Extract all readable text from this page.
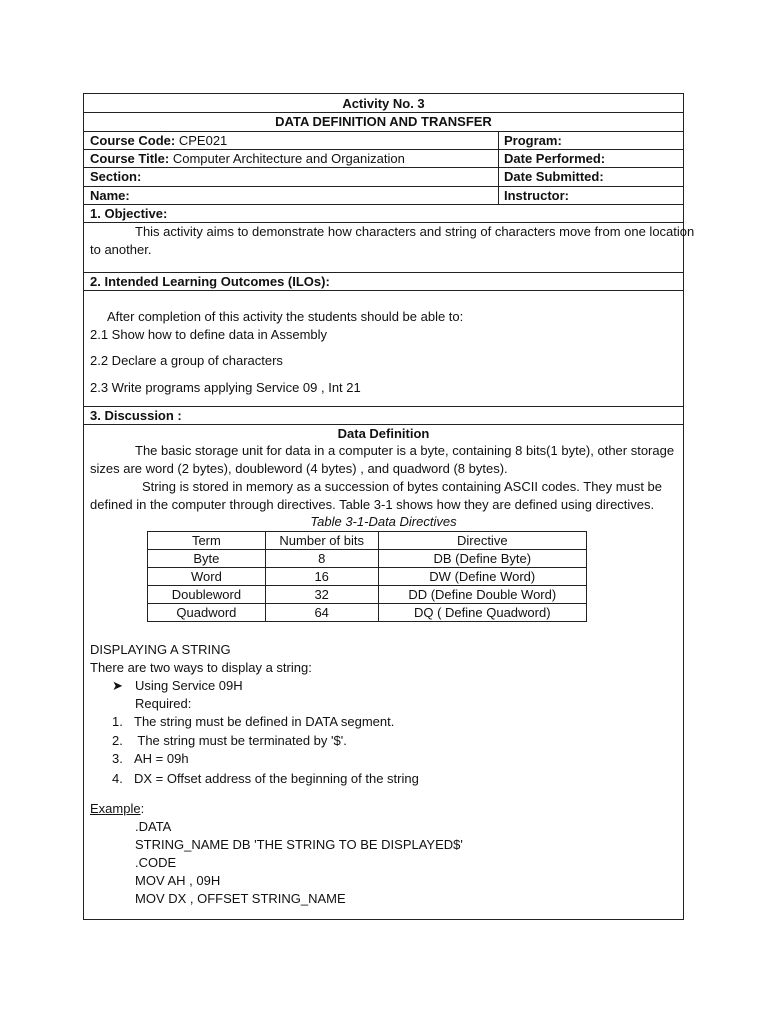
Activity No. 3
DATA DEFINITION AND TRANSFER
Course Code: CPE021	Program:
Course Title: Computer Architecture and Organization	Date Performed:
Section:	Date Submitted:
Name:	Instructor:
1. Objective:
This activity aims to demonstrate how characters and string of characters move from one location
to another.
2. Intended Learning Outcomes (ILOs):
After completion of this activity the students should be able to:
2.1 Show how to define data in Assembly
2.2 Declare a group of characters
2.3 Write programs applying Service 09 , Int 21
3. Discussion :
Data Definition
The basic storage unit for data in a computer is a byte, containing 8 bits(1 byte), other storage
sizes are word (2 bytes), doubleword (4 bytes) , and quadword (8 bytes).
String is stored in memory as a succession of bytes containing ASCII codes. They must be
defined in the computer through directives. Table 3-1 shows how they are defined using directives.
Table 3-1-Data Directives
Term	Number of bits	Directive
Byte	8	DB (Define Byte)
Word	16	DW (Define Word)
Doubleword	32	DD (Define Double Word)
Quadword	64	DQ ( Define Quadword)
DISPLAYING A STRING
There are two ways to display a string:
➤ Using Service 09H
Required:
1. The string must be defined in DATA segment.
2. The string must be terminated by '$'.
3. AH = 09h
4. DX = Offset address of the beginning of the string
Example:
.DATA
STRING_NAME DB 'THE STRING TO BE DISPLAYED$'
.CODE
MOV AH , 09H
MOV DX , OFFSET STRING_NAME
